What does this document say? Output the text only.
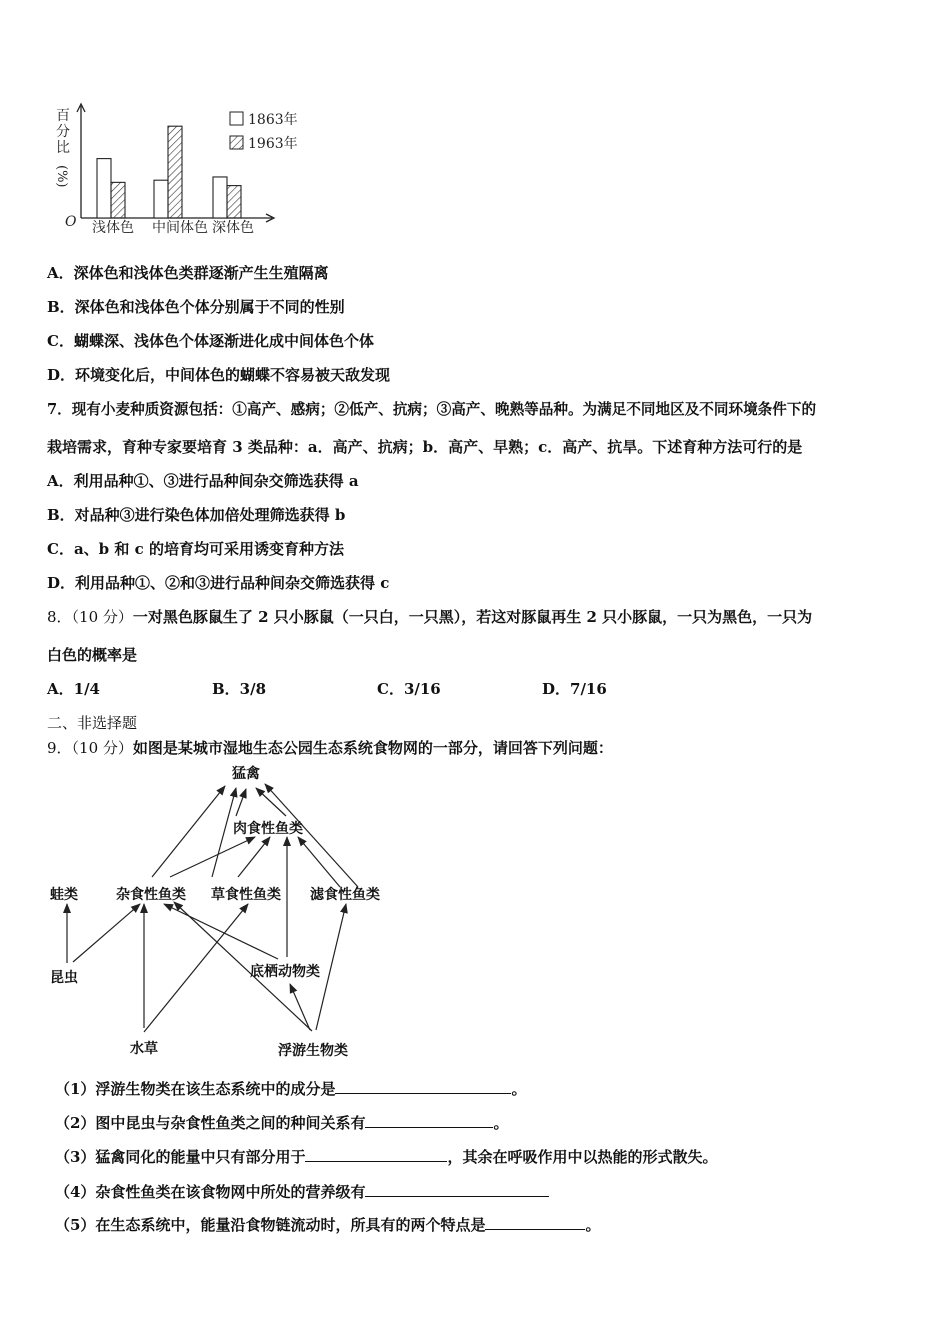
百
分
比
(%)
O 浅体色 中间体色 深体色
1863年
1963年
A．深体色和浅体色类群逐渐产生生殖隔离
B．深体色和浅体色个体分别属于不同的性别
C．蝴蝶深、浅体色个体逐渐进化成中间体色个体
D．环境变化后，中间体色的蝴蝶不容易被天敌发现
7．现有小麦种质资源包括：①高产、感病；②低产、抗病；③高产、晚熟等品种。为满足不同地区及不同环境条件下的
栽培需求，育种专家要培育 3 类品种：a．高产、抗病；b．高产、早熟；c．高产、抗旱。下述育种方法可行的是
A．利用品种①、③进行品种间杂交筛选获得 a
B．对品种③进行染色体加倍处理筛选获得 b
C．a、b 和 c 的培育均可采用诱变育种方法
D．利用品种①、②和③进行品种间杂交筛选获得 c
8．（10 分）一对黑色豚鼠生了 2 只小豚鼠（一只白，一只黑），若这对豚鼠再生 2 只小豚鼠，一只为黑色，一只为
白色的概率是
A．1/4	B．3/8	C．3/16	D．7/16
二、非选择题
9．（10 分）如图是某城市湿地生态公园生态系统食物网的一部分，请回答下列问题：
猛禽
肉食性鱼类
蛙类	杂食性鱼类 草食性鱼类 滤食性鱼类
昆虫	底栖动物类
水草	浮游生物类
（1）浮游生物类在该生态系统中的成分是	。
（2）图中昆虫与杂食性鱼类之间的种间关系有	。
（3）猛禽同化的能量中只有部分用于	，其余在呼吸作用中以热能的形式散失。
（4）杂食性鱼类在该食物网中所处的营养级有
（5）在生态系统中，能量沿食物链流动时，所具有的两个特点是	。
